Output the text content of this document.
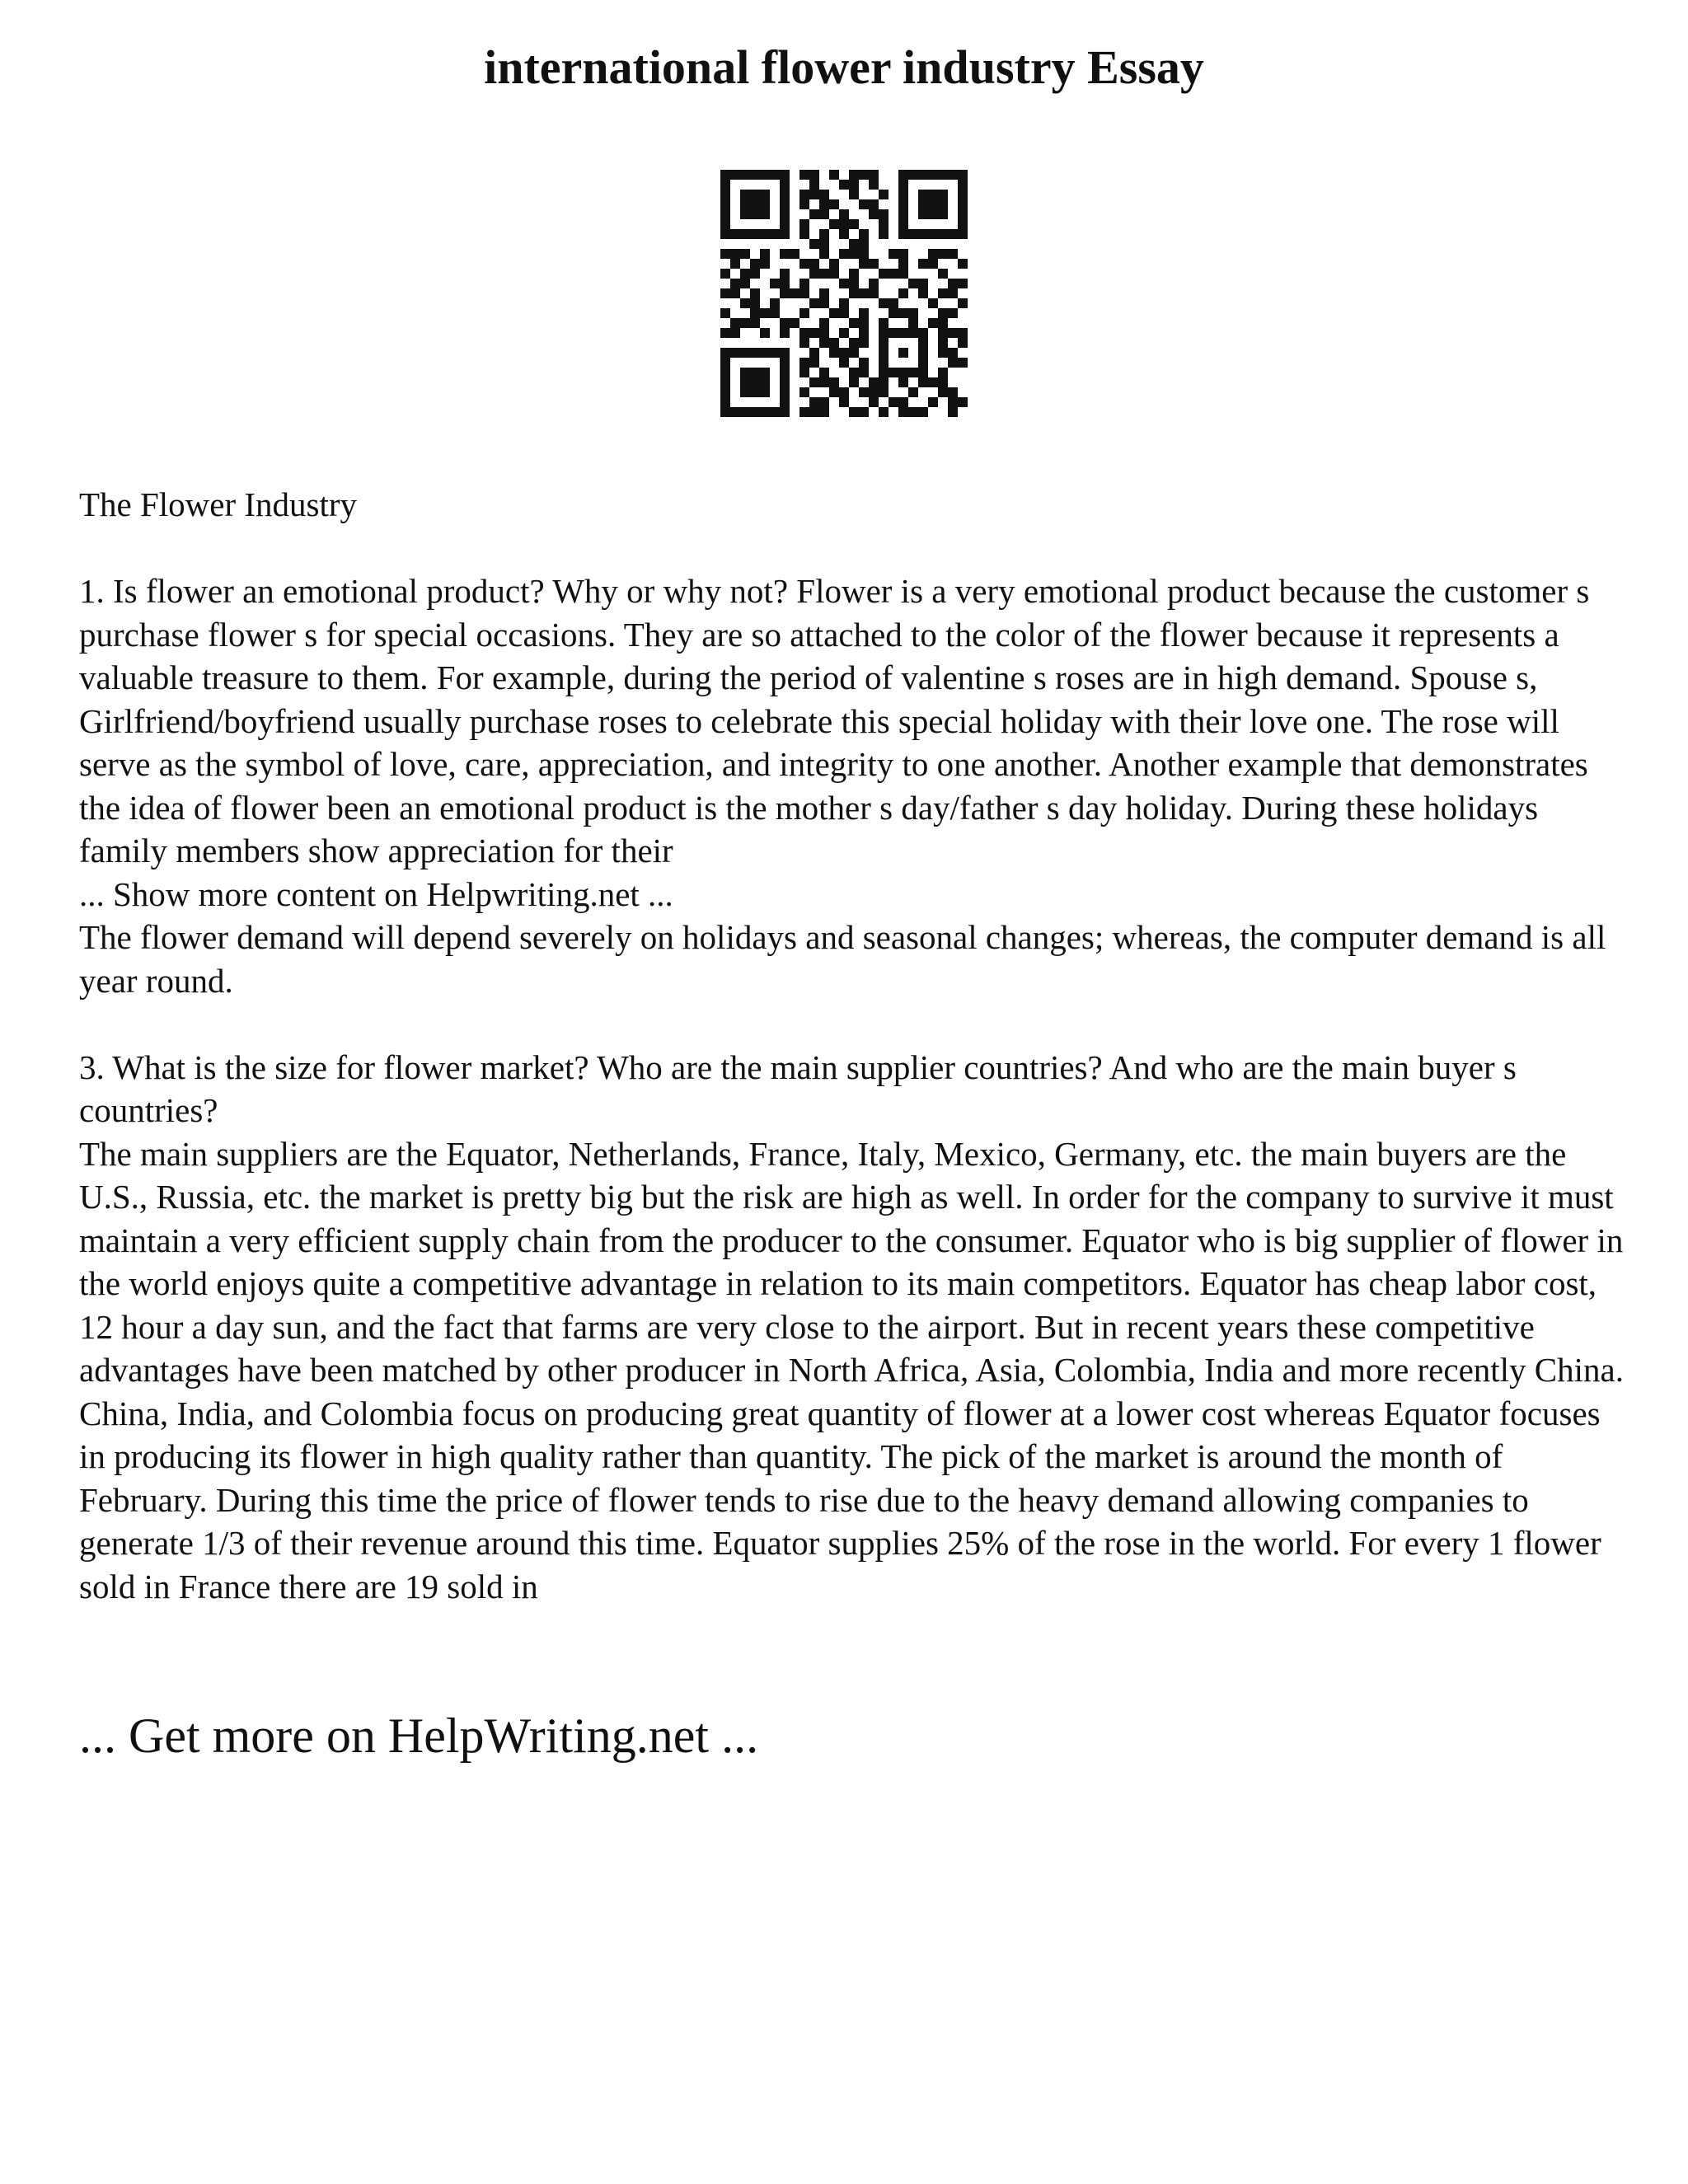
international flower industry Essay

The Flower Industry

1. Is flower an emotional product? Why or why not? Flower is a very emotional product because the customer s purchase flower s for special occasions. They are so attached to the color of the flower because it represents a valuable treasure to them. For example, during the period of valentine s roses are in high demand. Spouse s, Girlfriend/boyfriend usually purchase roses to celebrate this special holiday with their love one. The rose will serve as the symbol of love, care, appreciation, and integrity to one another. Another example that demonstrates the idea of flower been an emotional product is the mother s day/father s day holiday. During these holidays family members show appreciation for their

... Show more content on Helpwriting.net ...

The flower demand will depend severely on holidays and seasonal changes; whereas, the computer demand is all year round.

3. What is the size for flower market? Who are the main supplier countries? And who are the main buyer s countries?

The main suppliers are the Equator, Netherlands, France, Italy, Mexico, Germany, etc. the main buyers are the U.S., Russia, etc. the market is pretty big but the risk are high as well. In order for the company to survive it must maintain a very efficient supply chain from the producer to the consumer. Equator who is big supplier of flower in the world enjoys quite a competitive advantage in relation to its main competitors. Equator has cheap labor cost, 12 hour a day sun, and the fact that farms are very close to the airport. But in recent years these competitive advantages have been matched by other producer in North Africa, Asia, Colombia, India and more recently China. China, India, and Colombia focus on producing great quantity of flower at a lower cost whereas Equator focuses in producing its flower in high quality rather than quantity. The pick of the market is around the month of February. During this time the price of flower tends to rise due to the heavy demand allowing companies to generate 1/3 of their revenue around this time. Equator supplies 25% of the rose in the world. For every 1 flower sold in France there are 19 sold in

... Get more on HelpWriting.net ...
